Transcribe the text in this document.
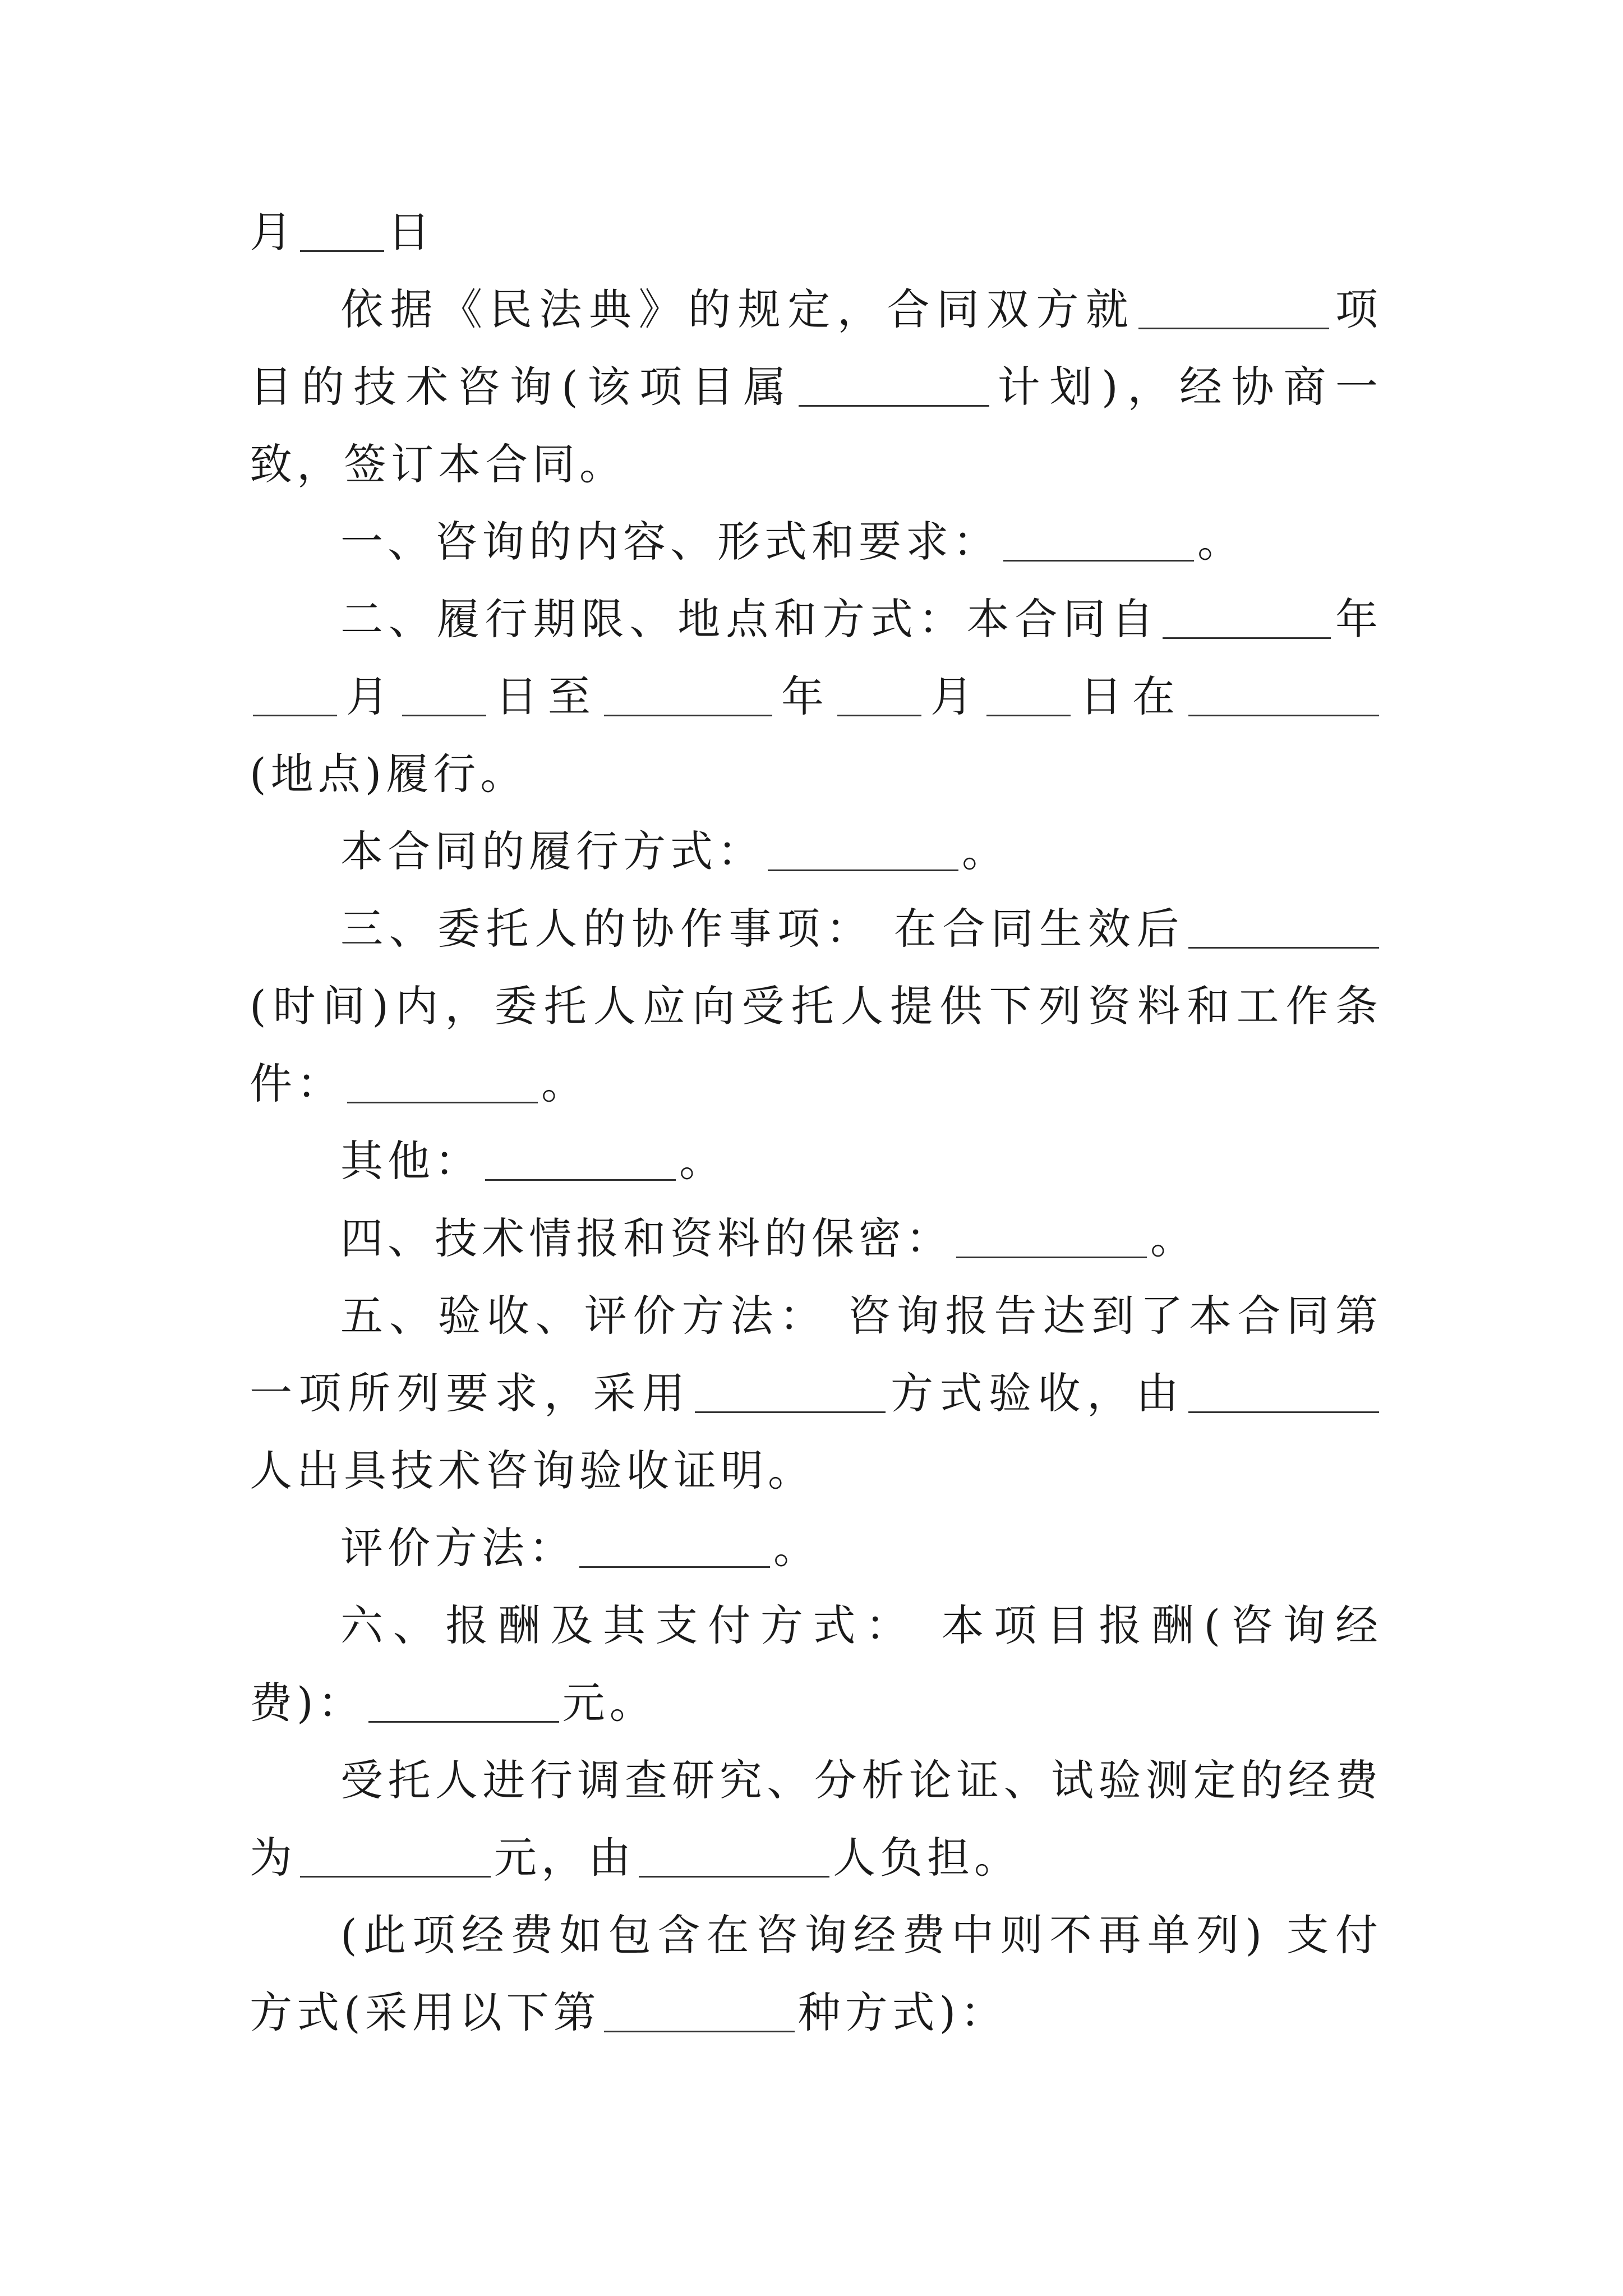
月 日

依据《民法典》的规定，合同双方就	项目的技术咨询(该项目属	计划)，经协商一致，签订本合同。

一、咨询的内容、形式和要求：	。

二、履行期限、地点和方式：本合同自	年月 日至	年 月 日在(地点)履行。

本合同的履行方式：	。

三、委托人的协作事项： 在合同生效后(时间)内，委托人应向受托人提供下列资料和工作条件：	。

其他：	。

四、技术情报和资料的保密：	。

五、验收、评价方法： 咨询报告达到了本合同第一项所列要求，采用	方式验收，由人出具技术咨询验收证明。

评价方法：	。

六、报酬及其支付方式： 本项目报酬(咨询经费)：	元。

受托人进行调查研究、分析论证、试验测定的经费为	元，由	人负担。

(此项经费如包含在咨询经费中则不再单列) 支付方式(采用以下第	种方式)：
